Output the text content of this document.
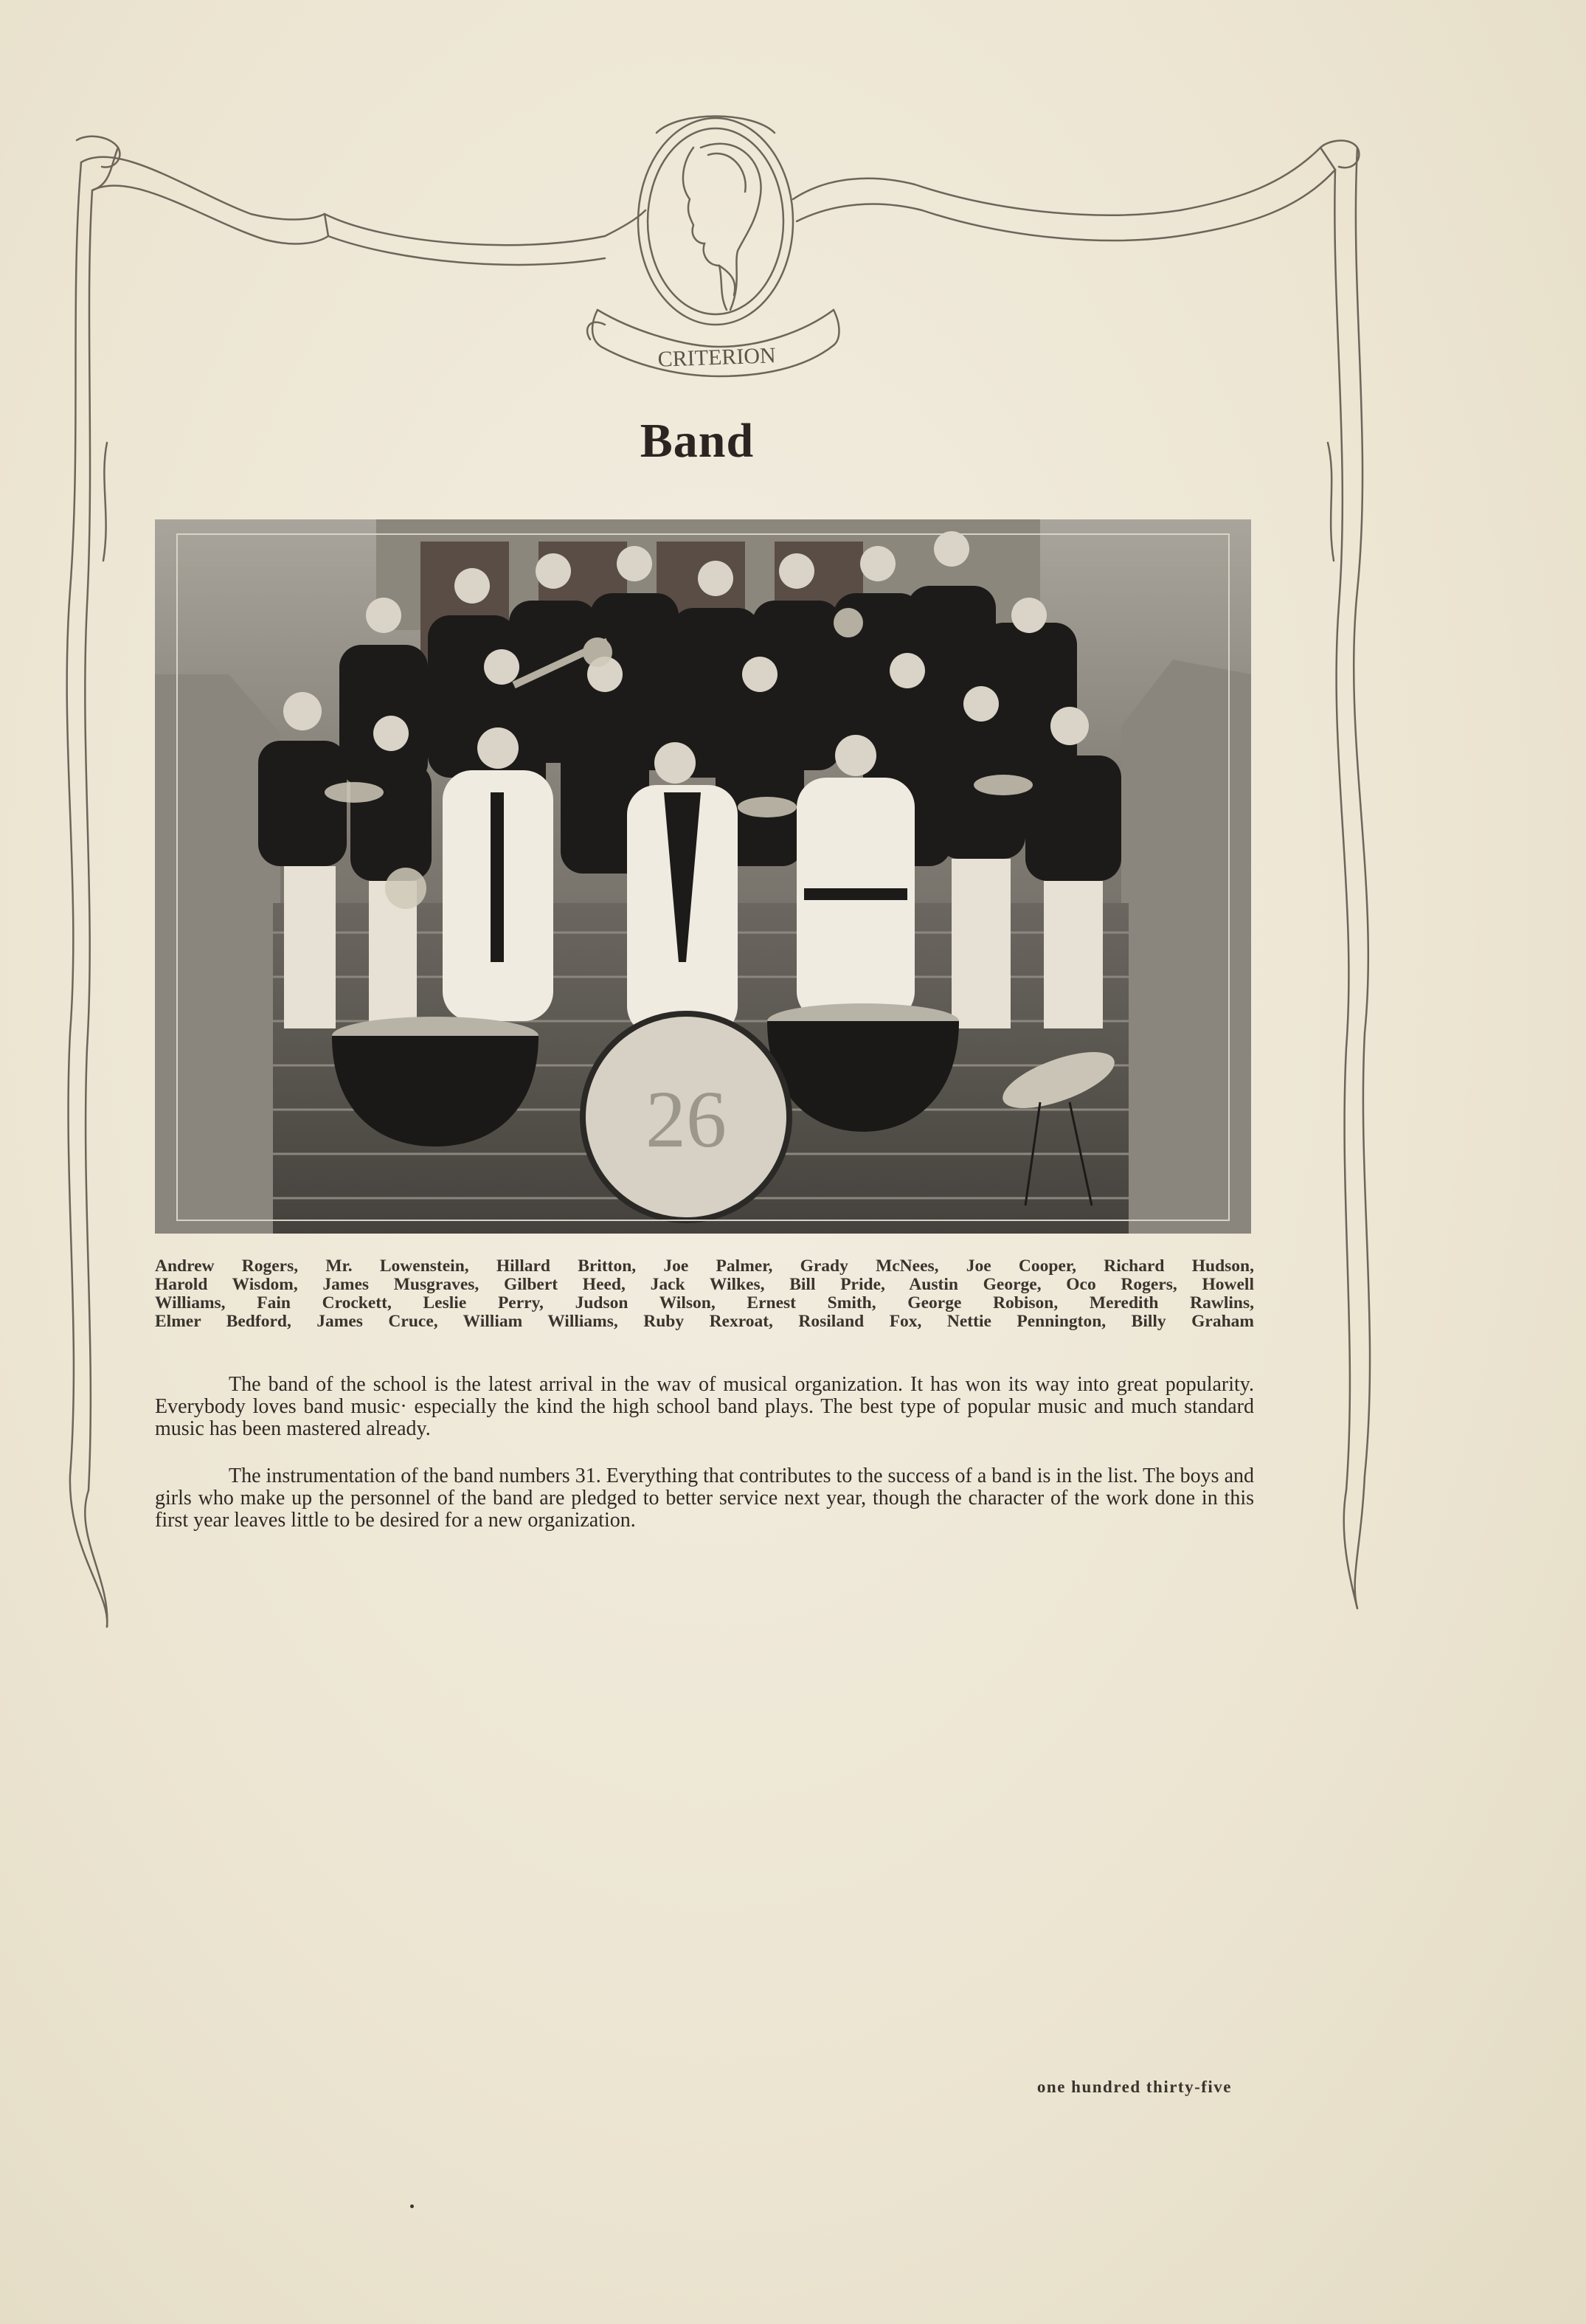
CRITERION
Band
26
Andrew Rogers, Mr. Lowenstein, Hillard Britton, Joe Palmer, Grady McNees, Joe Cooper, Richard Hudson,
Harold Wisdom, James Musgraves, Gilbert Heed, Jack Wilkes, Bill Pride, Austin George, Oco Rogers, Howell
Williams, Fain Crockett, Leslie Perry, Judson Wilson, Ernest Smith, George Robison, Meredith Rawlins,
Elmer Bedford, James Cruce, William Williams, Ruby Rexroat, Rosiland Fox, Nettie Pennington, Billy Graham

The band of the school is the latest arrival in the wav of musical organization. It has won its way into great popularity. Everybody loves band music· especially the kind the high school band plays. The best type of popular music and much standard music has been mastered already.

The instrumentation of the band numbers 31. Everything that contributes to the success of a band is in the list. The boys and girls who make up the personnel of the band are pledged to better service next year, though the character of the work done in this first year leaves little to be desired for a new organization.

one hundred thirty-five
